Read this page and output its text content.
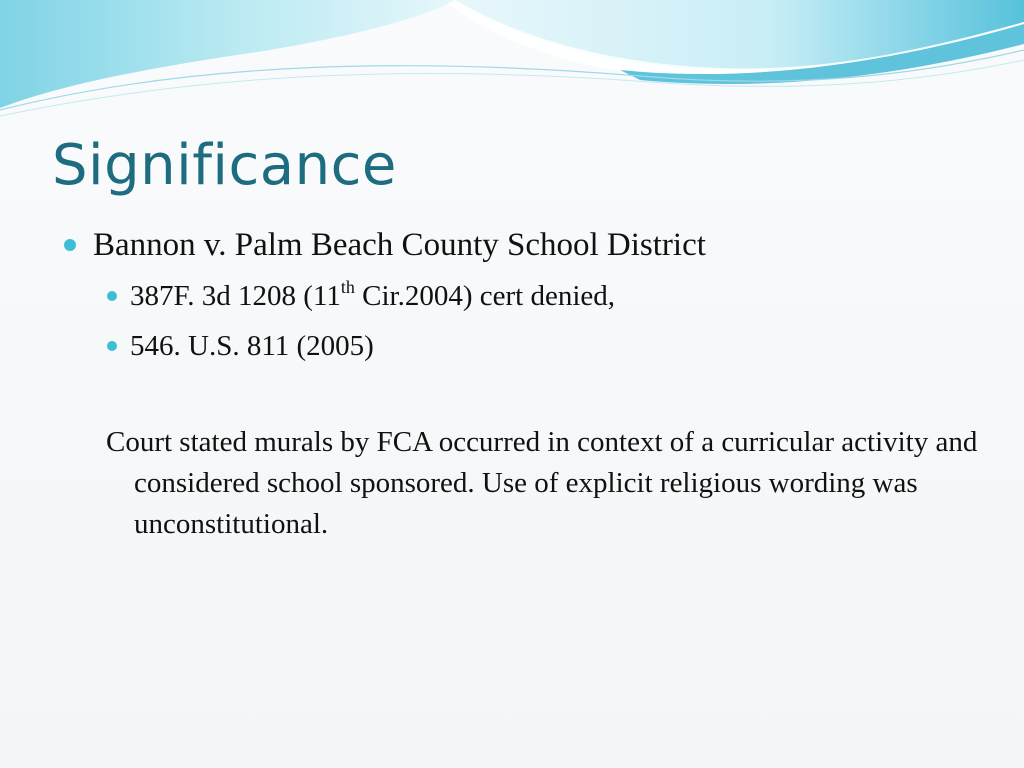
Significance
Bannon v. Palm Beach County School District
387F. 3d 1208 (11th Cir.2004) cert denied,
546. U.S. 811 (2005)

Court stated murals by FCA occurred in context of a curricular activity and considered school sponsored. Use of explicit religious wording was unconstitutional.
